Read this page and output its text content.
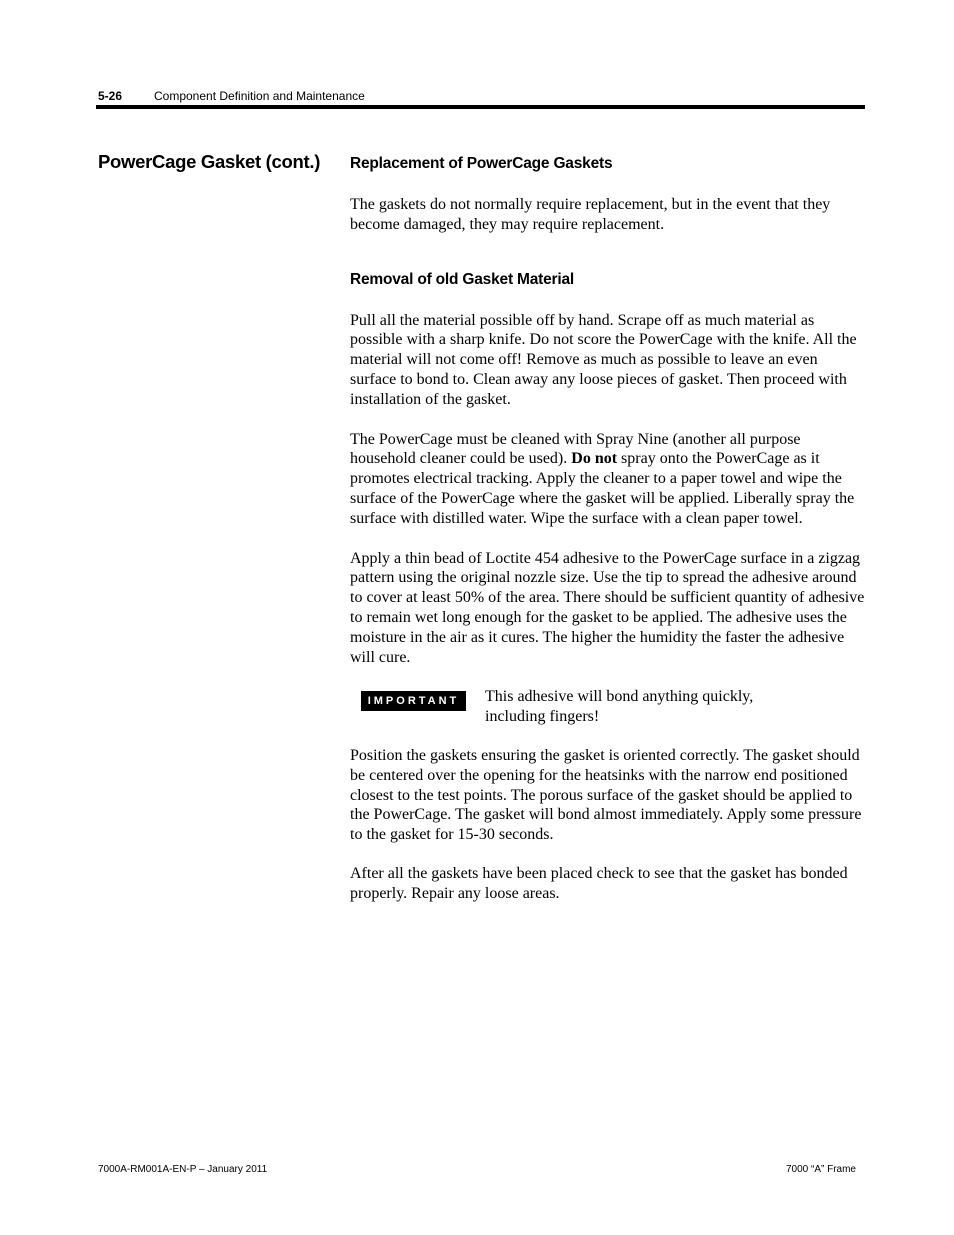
5-26	Component Definition and Maintenance
PowerCage Gasket (cont.) Replacement of PowerCage Gaskets

The gaskets do not normally require replacement, but in the event that they become damaged, they may require replacement.

Removal of old Gasket Material

Pull all the material possible off by hand. Scrape off as much material as possible with a sharp knife. Do not score the PowerCage with the knife. All the material will not come off! Remove as much as possible to leave an even surface to bond to. Clean away any loose pieces of gasket. Then proceed with installation of the gasket.

The PowerCage must be cleaned with Spray Nine (another all purpose household cleaner could be used). Do not spray onto the PowerCage as it promotes electrical tracking. Apply the cleaner to a paper towel and wipe the surface of the PowerCage where the gasket will be applied. Liberally spray the surface with distilled water. Wipe the surface with a clean paper towel.

Apply a thin bead of Loctite 454 adhesive to the PowerCage surface in a zigzag pattern using the original nozzle size. Use the tip to spread the adhesive around to cover at least 50% of the area. There should be sufficient quantity of adhesive to remain wet long enough for the gasket to be applied. The adhesive uses the moisture in the air as it cures. The higher the humidity the faster the adhesive will cure.

IMPORTANT	This adhesive will bond anything quickly, including fingers!

Position the gaskets ensuring the gasket is oriented correctly. The gasket should be centered over the opening for the heatsinks with the narrow end positioned closest to the test points. The porous surface of the gasket should be applied to the PowerCage. The gasket will bond almost immediately. Apply some pressure to the gasket for 15-30 seconds.

After all the gaskets have been placed check to see that the gasket has bonded properly. Repair any loose areas.

7000A-RM001A-EN-P – January 2011	7000 “A” Frame
